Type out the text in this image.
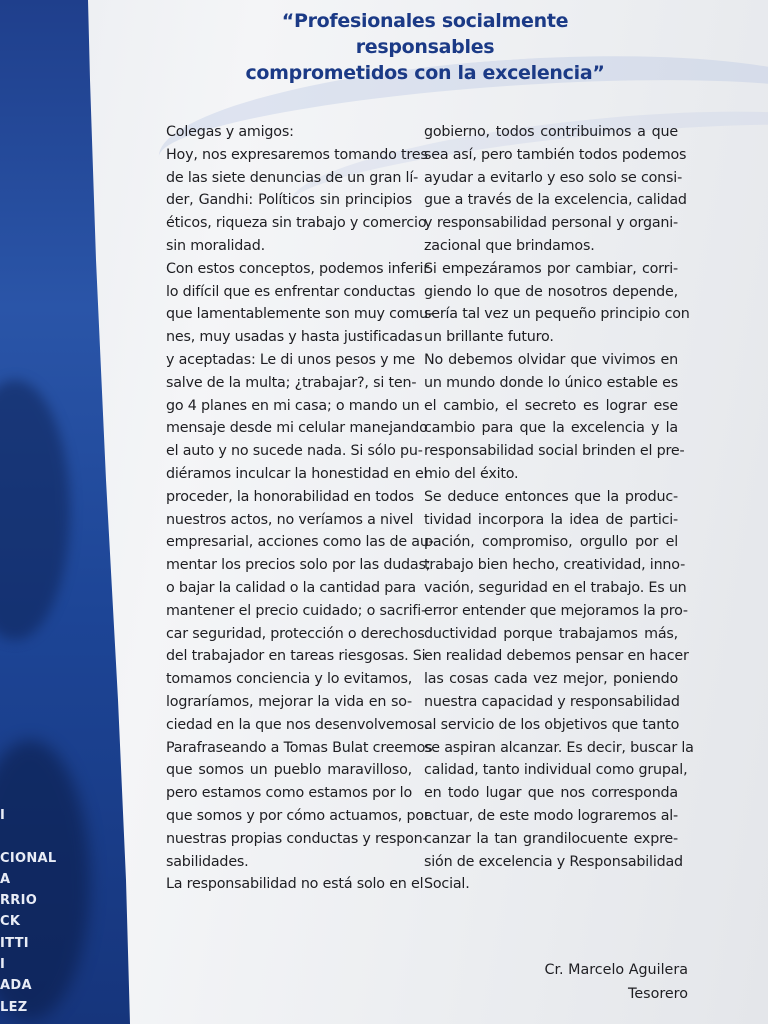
I

CIONAL
A
RRIO
CK
ITTI
I
ADA
LEZ
“Profesionales socialmente responsables
comprometidos con la excelencia”
Colegas y amigos:
Hoy, nos expresaremos tomando tres
de las siete denuncias de un gran lí-
der, Gandhi: Políticos sin principios
éticos, riqueza sin trabajo y comercio
sin moralidad.
Con estos conceptos, podemos inferir
lo difícil que es enfrentar conductas
que lamentablemente son muy comu-
nes, muy usadas y hasta justificadas
y aceptadas: Le di unos pesos y me
salve de la multa; ¿trabajar?, si ten-
go 4 planes en mi casa; o mando un
mensaje desde mi celular manejando
el auto y no sucede nada. Si sólo pu-
diéramos inculcar la honestidad en el
proceder, la honorabilidad en todos
nuestros actos, no veríamos a nivel
empresarial, acciones como las de au-
mentar los precios solo por las dudas;
o bajar la calidad o la cantidad para
mantener el precio cuidado; o sacrifi-
car seguridad, protección o derechos
del trabajador en tareas riesgosas. Si
tomamos conciencia y lo evitamos,
lograríamos, mejorar la vida en so-
ciedad en la que nos desenvolvemos.
Parafraseando a Tomas Bulat creemos
que somos un pueblo maravilloso,
pero estamos como estamos por lo
que somos y por cómo actuamos, por
nuestras propias conductas y respon-
sabilidades.
La responsabilidad no está solo en el
gobierno, todos contribuimos a que
sea así, pero también todos podemos
ayudar a evitarlo y eso solo se consi-
gue a través de la excelencia, calidad
y responsabilidad personal y organi-
zacional que brindamos.
Si empezáramos por cambiar, corri-
giendo lo que de nosotros depende,
sería tal vez un pequeño principio con
un brillante futuro.
No debemos olvidar que vivimos en
un mundo donde lo único estable es
el cambio, el secreto es lograr ese
cambio para que la excelencia y la
responsabilidad social brinden el pre-
mio del éxito.
Se deduce entonces que la produc-
tividad incorpora la idea de partici-
pación, compromiso, orgullo por el
trabajo bien hecho, creatividad, inno-
vación, seguridad en el trabajo. Es un
error entender que mejoramos la pro-
ductividad porque trabajamos más,
en realidad debemos pensar en hacer
las cosas cada vez mejor, poniendo
nuestra capacidad y responsabilidad
al servicio de los objetivos que tanto
se aspiran alcanzar. Es decir, buscar la
calidad, tanto individual como grupal,
en todo lugar que nos corresponda
actuar, de este modo lograremos al-
canzar la tan grandilocuente expre-
sión de excelencia y Responsabilidad
Social.
Cr. Marcelo Aguilera
Tesorero
